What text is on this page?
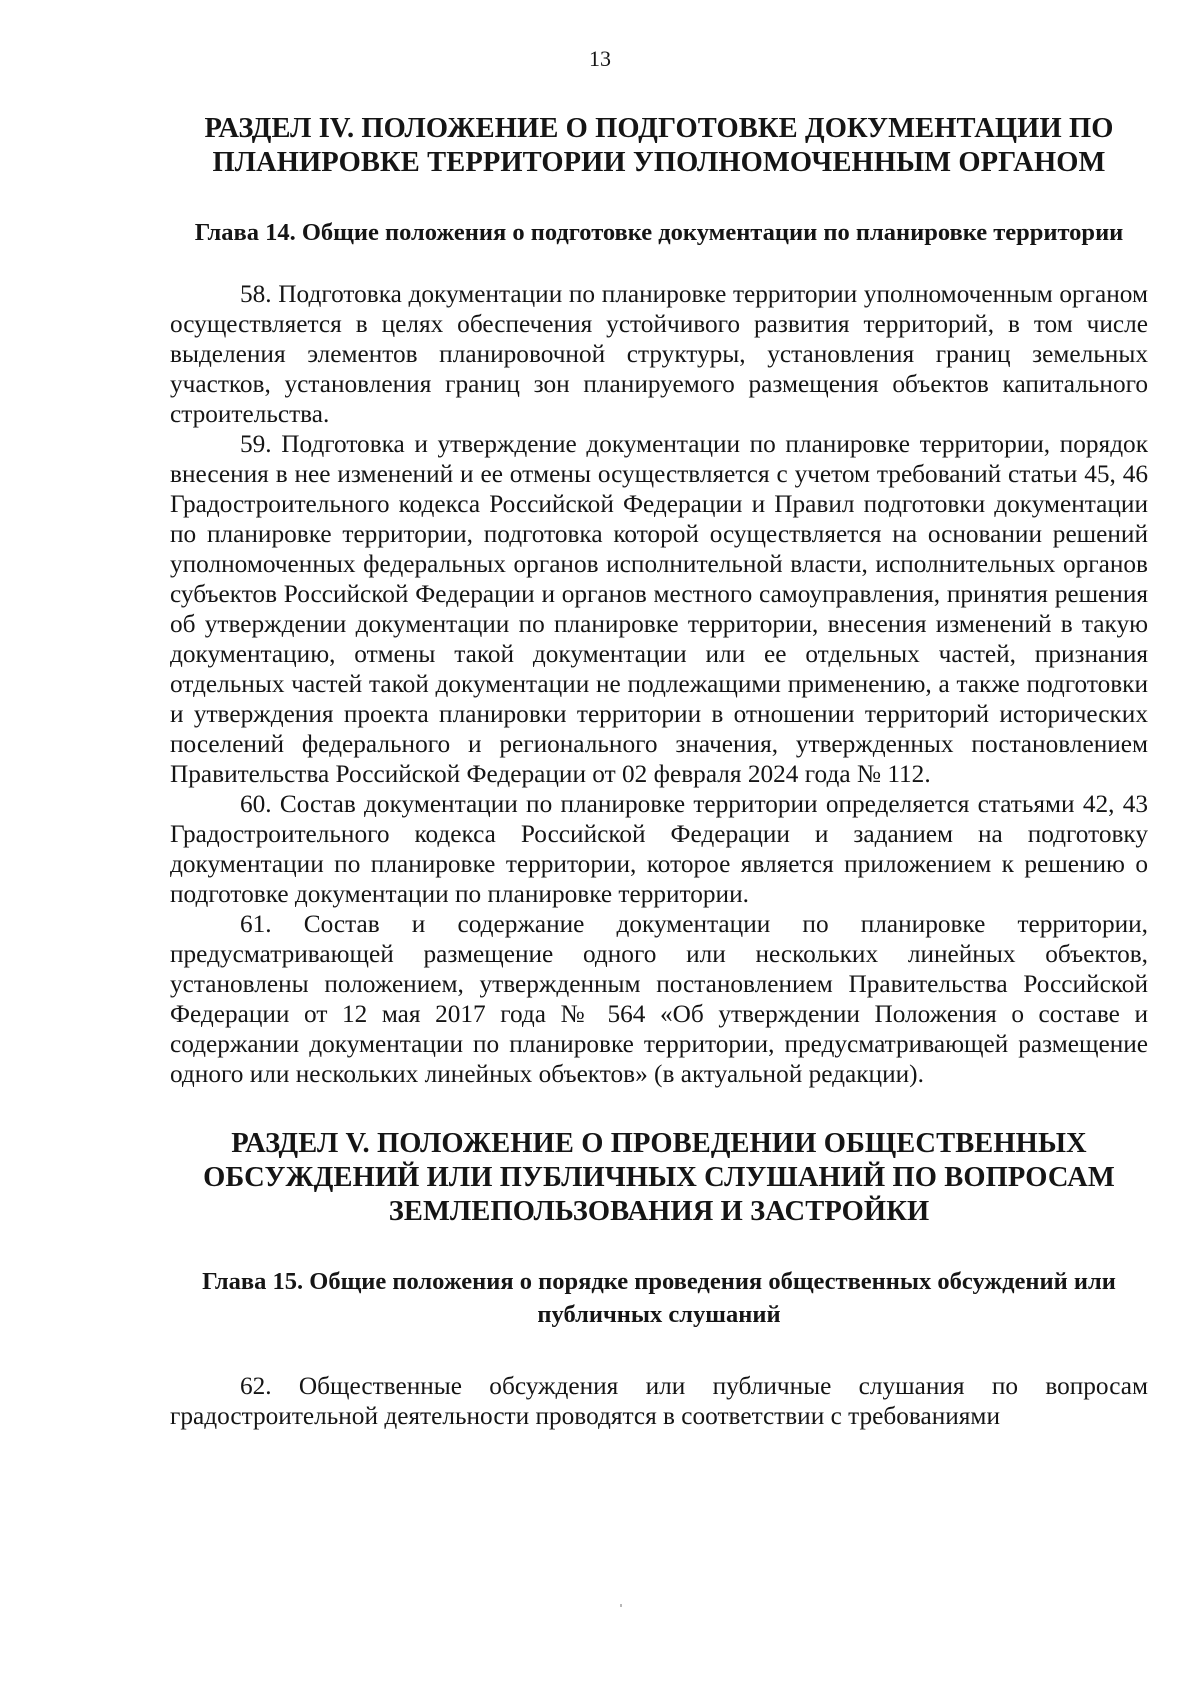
13
РАЗДЕЛ IV. ПОЛОЖЕНИЕ О ПОДГОТОВКЕ ДОКУМЕНТАЦИИ ПО ПЛАНИРОВКЕ ТЕРРИТОРИИ УПОЛНОМОЧЕННЫМ ОРГАНОМ
Глава 14. Общие положения о подготовке документации по планировке территории

58. Подготовка документации по планировке территории уполномоченным органом осуществляется в целях обеспечения устойчивого развития территорий, в том числе выделения элементов планировочной структуры, установления границ земельных участков, установления границ зон планируемого размещения объектов капитального строительства.

59. Подготовка и утверждение документации по планировке территории, порядок внесения в нее изменений и ее отмены осуществляется с учетом требований статьи 45, 46 Градостроительного кодекса Российской Федерации и Правил подготовки документации по планировке территории, подготовка которой осуществляется на основании решений уполномоченных федеральных органов исполнительной власти, исполнительных органов субъектов Российской Федерации и органов местного самоуправления, принятия решения об утверждении документации по планировке территории, внесения изменений в такую документацию, отмены такой документации или ее отдельных частей, признания отдельных частей такой документации не подлежащими применению, а также подготовки и утверждения проекта планировки территории в отношении территорий исторических поселений федерального и регионального значения, утвержденных постановлением Правительства Российской Федерации от 02 февраля 2024 года № 112.

60. Состав документации по планировке территории определяется статьями 42, 43 Градостроительного кодекса Российской Федерации и заданием на подготовку документации по планировке территории, которое является приложением к решению о подготовке документации по планировке территории.

61. Состав и содержание документации по планировке территории, предусматривающей размещение одного или нескольких линейных объектов, установлены положением, утвержденным постановлением Правительства Российской Федерации от 12 мая 2017 года № 564 «Об утверждении Положения о составе и содержании документации по планировке территории, предусматривающей размещение одного или нескольких линейных объектов» (в актуальной редакции).

РАЗДЕЛ V. ПОЛОЖЕНИЕ О ПРОВЕДЕНИИ ОБЩЕСТВЕННЫХ ОБСУЖДЕНИЙ ИЛИ ПУБЛИЧНЫХ СЛУШАНИЙ ПО ВОПРОСАМ ЗЕМЛЕПОЛЬЗОВАНИЯ И ЗАСТРОЙКИ
Глава 15. Общие положения о порядке проведения общественных обсуждений или публичных слушаний

62. Общественные обсуждения или публичные слушания по вопросам градостроительной деятельности проводятся в соответствии с требованиями
